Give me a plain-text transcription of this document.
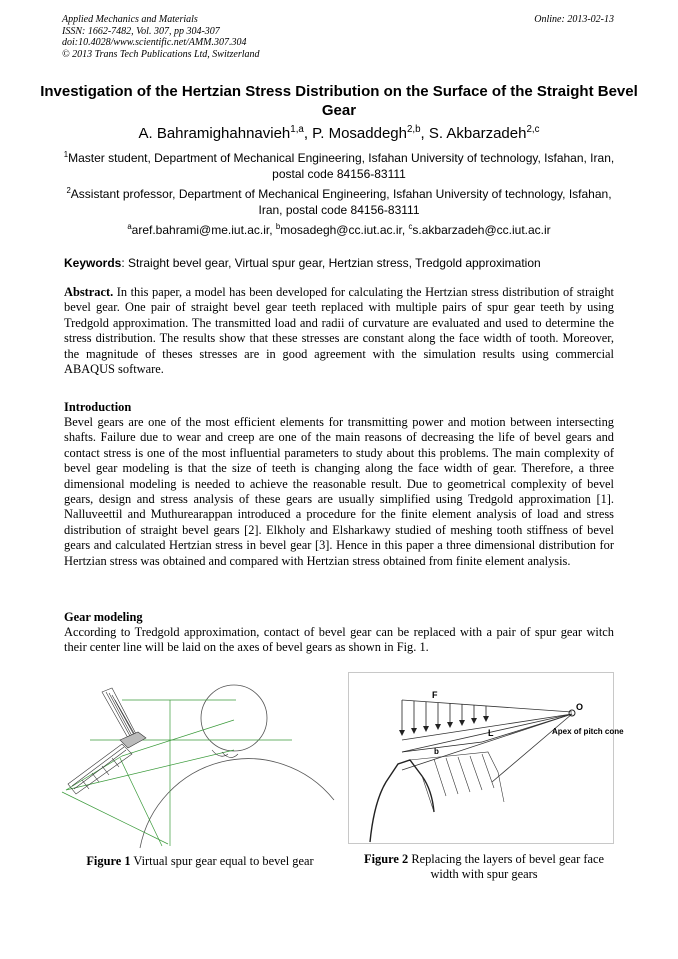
Applied Mechanics and Materials
ISSN: 1662-7482, Vol. 307, pp 304-307
doi:10.4028/www.scientific.net/AMM.307.304
© 2013 Trans Tech Publications Ltd, Switzerland
Online: 2013-02-13
Investigation of the Hertzian Stress Distribution on the Surface of the Straight Bevel Gear
A. Bahramighahnavieh$^{1,a}$, P. Mosaddegh$^{2,b}$, S. Akbarzadeh$^{2,c}$
$^1$Master student, Department of Mechanical Engineering, Isfahan University of technology, Isfahan, Iran, postal code 84156-83111
$^2$Assistant professor, Department of Mechanical Engineering, Isfahan University of technology, Isfahan, Iran, postal code 84156-83111
$^a$aref.bahrami@me.iut.ac.ir, $^b$mosadegh@cc.iut.ac.ir, $^c$s.akbarzadeh@cc.iut.ac.ir
Keywords: Straight bevel gear, Virtual spur gear, Hertzian stress, Tredgold approximation
Abstract. In this paper, a model has been developed for calculating the Hertzian stress distribution of straight bevel gear. One pair of straight bevel gear teeth replaced with multiple pairs of spur gear teeth by using Tredgold approximation. The transmitted load and radii of curvature are evaluated and used to determine the stress distribution. The results show that these stresses are constant along the face width of tooth. Moreover, the magnitude of theses stresses are in good agreement with the simulation results using commercial ABAQUS software.
Introduction
Bevel gears are one of the most efficient elements for transmitting power and motion between intersecting shafts. Failure due to wear and creep are one of the main reasons of decreasing the life of bevel gears and contact stress is one of the most influential parameters to study about this problems. The main complexity of bevel gear modeling is that the size of teeth is changing along the face width of gear. Therefore, a three dimensional modeling is needed to achieve the reasonable result. Due to geometrical complexity of bevel gears, design and stress analysis of these gears are usually simplified using Tredgold approximation [1]. Nalluveettil and Muthurearappan introduced a procedure for the finite element analysis of load and stress distribution of straight bevel gears [2]. Elkholy and Elsharkawy studied of meshing tooth stiffness of bevel gears and calculated Hertzian stress in bevel gear [3]. Hence in this paper a three dimensional distribution for Hertzian stress was obtained and compared with Hertzian stress obtained from finite element analysis.
Gear modeling
According to Tredgold approximation, contact of bevel gear can be replaced with a pair of spur gear witch their center line will be laid on the axes of bevel gears as shown in Fig. 1.
Figure 1 Virtual spur gear equal to bevel gear
F
L
b
O
Apex of pitch cone
Figure 2 Replacing the layers of bevel gear face width with spur gears
